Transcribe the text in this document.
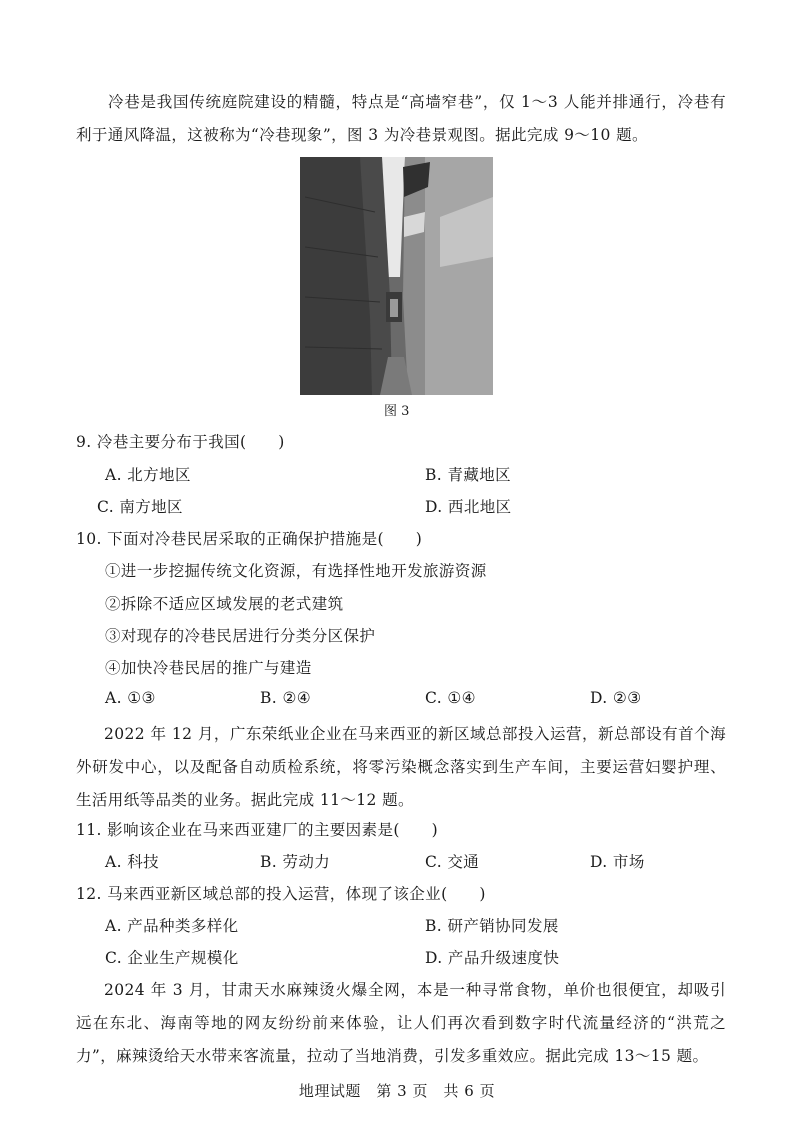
冷巷是我国传统庭院建设的精髓，特点是“高墙窄巷”，仅 1～3 人能并排通行，冷巷有利于通风降温，这被称为“冷巷现象”，图 3 为冷巷景观图。据此完成 9～10 题。
图 3
9. 冷巷主要分布于我国(　　)
A. 北方地区	B. 青藏地区
C. 南方地区	D. 西北地区
10. 下面对冷巷民居采取的正确保护措施是(　　)
①进一步挖掘传统文化资源，有选择性地开发旅游资源
②拆除不适应区域发展的老式建筑
③对现存的冷巷民居进行分类分区保护
④加快冷巷民居的推广与建造
A. ①③	B. ②④	C. ①④	D. ②③
2022 年 12 月，广东荣纸业企业在马来西亚的新区域总部投入运营，新总部设有首个海外研发中心，以及配备自动质检系统，将零污染概念落实到生产车间，主要运营妇婴护理、生活用纸等品类的业务。据此完成 11～12 题。
11. 影响该企业在马来西亚建厂的主要因素是(　　)
A. 科技	B. 劳动力	C. 交通	D. 市场
12. 马来西亚新区域总部的投入运营，体现了该企业(　　)
A. 产品种类多样化	B. 研产销协同发展
C. 企业生产规模化	D. 产品升级速度快
2024 年 3 月，甘肃天水麻辣烫火爆全网，本是一种寻常食物，单价也很便宜，却吸引远在东北、海南等地的网友纷纷前来体验，让人们再次看到数字时代流量经济的“洪荒之力”，麻辣烫给天水带来客流量，拉动了当地消费，引发多重效应。据此完成 13～15 题。
地理试题　第 3 页　共 6 页
